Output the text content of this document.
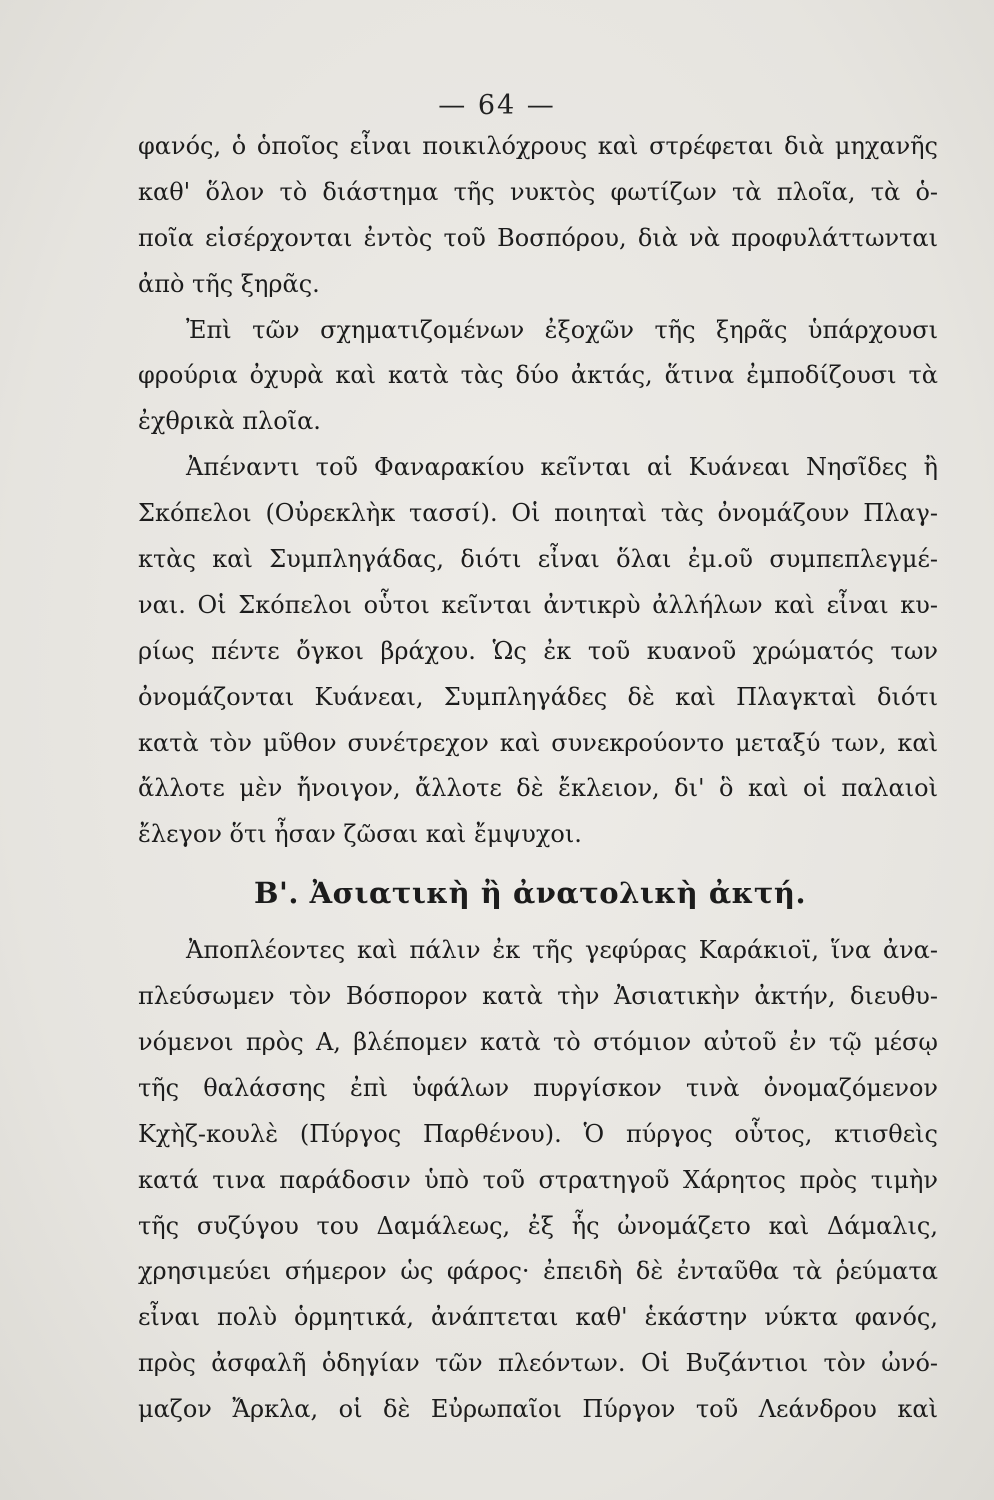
— 64 —
φανός, ὁ ὁποῖος εἶναι ποικιλόχρους καὶ στρέφεται διὰ μηχανῆς
καθ' ὅλον τὸ διάστημα τῆς νυκτὸς φωτίζων τὰ πλοῖα, τὰ ὁ-
ποῖα εἰσέρχονται ἐντὸς τοῦ Βοσπόρου, διὰ νὰ προφυλάττωνται
ἀπὸ τῆς ξηρᾶς.
Ἐπὶ τῶν σχηματιζομένων ἐξοχῶν τῆς ξηρᾶς ὑπάρχουσι
φρούρια ὀχυρὰ καὶ κατὰ τὰς δύο ἀκτάς, ἅτινα ἐμποδίζουσι τὰ
ἐχθρικὰ πλοῖα.
Ἀπέναντι τοῦ Φαναρακίου κεῖνται αἱ Κυάνεαι Νησῖδες ἢ
Σκόπελοι (Οὐρεκλὴκ τασσί). Οἱ ποιηταὶ τὰς ὀνομάζουν Πλαγ-
κτὰς καὶ Συμπληγάδας, διότι εἶναι ὅλαι ἐμ.οῦ συμπεπλεγμέ-
ναι. Οἱ Σκόπελοι οὗτοι κεῖνται ἀντικρὺ ἀλλήλων καὶ εἶναι κυ-
ρίως πέντε ὄγκοι βράχου. Ὡς ἐκ τοῦ κυανοῦ χρώματός των
ὀνομάζονται Κυάνεαι, Συμπληγάδες δὲ καὶ Πλαγκταὶ διότι
κατὰ τὸν μῦθον συνέτρεχον καὶ συνεκρούοντο μεταξύ των, καὶ
ἄλλοτε μὲν ἤνοιγον, ἄλλοτε δὲ ἔκλειον, δι' ὃ καὶ οἱ παλαιοὶ
ἔλεγον ὅτι ἦσαν ζῶσαι καὶ ἔμψυχοι.
Β'. Ἀσιατικὴ ἢ ἀνατολικὴ ἀκτή.
Ἀποπλέοντες καὶ πάλιν ἐκ τῆς γεφύρας Καράκιοϊ, ἵνα ἀνα-
πλεύσωμεν τὸν Βόσπορον κατὰ τὴν Ἀσιατικὴν ἀκτήν, διευθυ-
νόμενοι πρὸς Α, βλέπομεν κατὰ τὸ στόμιον αὐτοῦ ἐν τῷ μέσῳ
τῆς θαλάσσης ἐπὶ ὑφάλων πυργίσκον τινὰ ὀνομαζόμενον
Κχὴζ-κουλὲ (Πύργος Παρθένου). Ὁ πύργος οὗτος, κτισθεὶς
κατά τινα παράδοσιν ὑπὸ τοῦ στρατηγοῦ Χάρητος πρὸς τιμὴν
τῆς συζύγου του Δαμάλεως, ἐξ ἧς ὠνομάζετο καὶ Δάμαλις,
χρησιμεύει σήμερον ὡς φάρος· ἐπειδὴ δὲ ἐνταῦθα τὰ ῥεύματα
εἶναι πολὺ ὁρμητικά, ἀνάπτεται καθ' ἑκάστην νύκτα φανός,
πρὸς ἀσφαλῆ ὁδηγίαν τῶν πλεόντων. Οἱ Βυζάντιοι τὸν ὠνό-
μαζον Ἄρκλα, οἱ δὲ Εὐρωπαῖοι Πύργον τοῦ Λεάνδρου καὶ
